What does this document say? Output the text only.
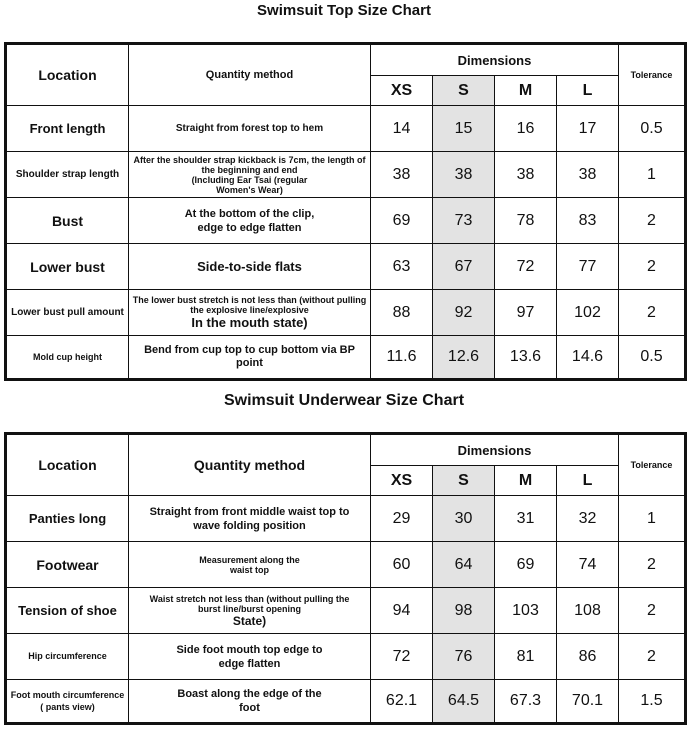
Swimsuit Top Size Chart
Location	Quantity method	Dimensions				Tolerance
		XS	S	M	L	
Front length	Straight from forest top to hem	14	15	16	17	0.5
Shoulder strap length	After the shoulder strap kickback is 7cm, the length of the beginning and end
(Including Ear Tsai (regular
Women's Wear)	38	38	38	38	1
Bust	At the bottom of the clip,
edge to edge flatten	69	73	78	83	2
Lower bust	Side-to-side flats	63	67	72	77	2
Lower bust pull amount	The lower bust stretch is not less than (without pulling the explosive line/explosive
In the mouth state)	88	92	97	102	2
Mold cup height	Bend from cup top to cup bottom via BP point	11.6	12.6	13.6	14.6	0.5
Swimsuit Underwear Size Chart
Location	Quantity method	Dimensions				Tolerance
		XS	S	M	L	
Panties long	Straight from front middle waist top to
wave folding position	29	30	31	32	1
Footwear	Measurement along the
waist top	60	64	69	74	2
Tension of shoe	Waist stretch not less than (without pulling the
burst line/burst opening
State)	94	98	103	108	2
Hip circumference	Side foot mouth top edge to
edge flatten	72	76	81	86	2
Foot mouth circumference ( pants view)	Boast along the edge of the
foot	62.1	64.5	67.3	70.1	1.5
